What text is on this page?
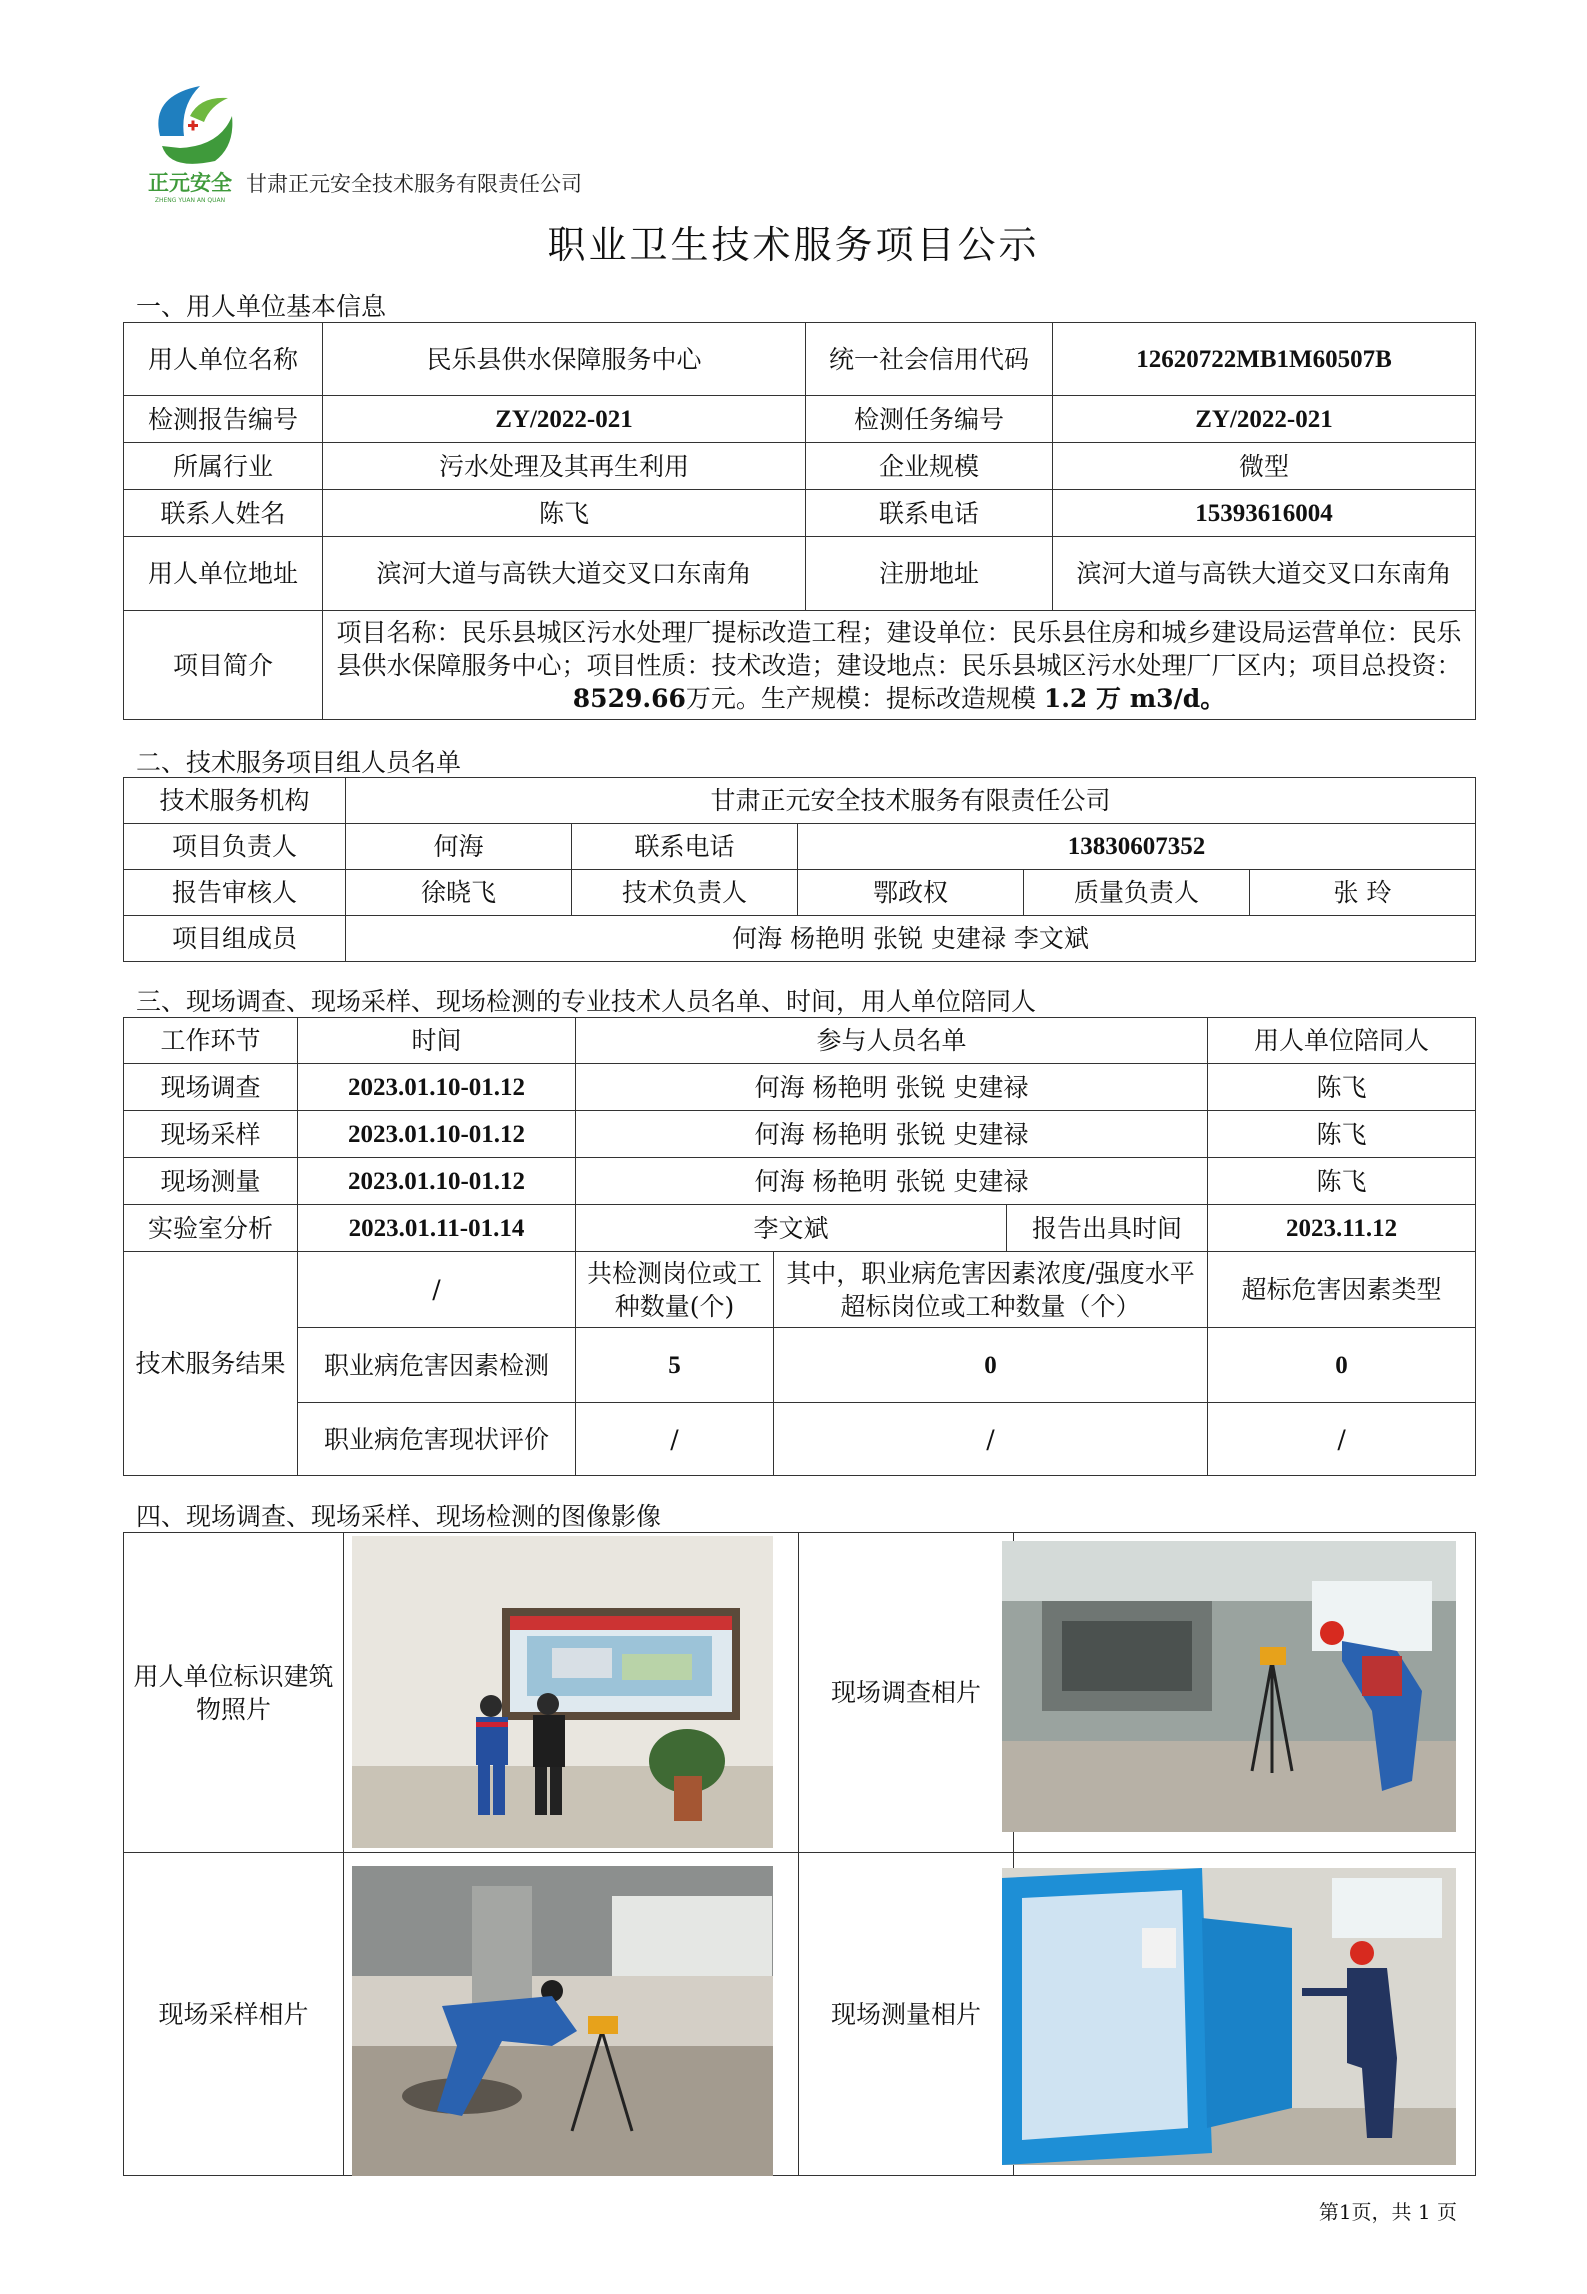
正元安全
ZHENG YUAN AN QUAN
甘肃正元安全技术服务有限责任公司
职业卫生技术服务项目公示
一、用人单位基本信息
用人单位名称	民乐县供水保障服务中心	统一社会信用代码	12620722MB1M60507B
检测报告编号	ZY/2022-021	检测任务编号	ZY/2022-021
所属行业	污水处理及其再生利用	企业规模	微型
联系人姓名	陈飞	联系电话	15393616004
用人单位地址	滨河大道与高铁大道交叉口东南角	注册地址	滨河大道与高铁大道交叉口东南角
项目简介	项目名称：民乐县城区污水处理厂提标改造工程；建设单位：民乐县住房和城乡建设局运营单位：民乐县供水保障服务中心；项目性质：技术改造；建设地点：民乐县城区污水处理厂厂区内；项目总投资：8529.66万元。生产规模：提标改造规模 1.2 万 m3/d。		
二、技术服务项目组人员名单
技术服务机构	甘肃正元安全技术服务有限责任公司				
项目负责人	何海	联系电话	13830607352		
报告审核人	徐晓飞	技术负责人	鄂政权	质量负责人	张 玲
项目组成员	何海 杨艳明 张锐 史建禄 李文斌				
三、现场调查、现场采样、现场检测的专业技术人员名单、时间，用人单位陪同人
工作环节	时间	参与人员名单			用人单位陪同人
现场调查	2023.01.10-01.12	何海 杨艳明 张锐 史建禄			陈飞
现场采样	2023.01.10-01.12	何海 杨艳明 张锐 史建禄			陈飞
现场测量	2023.01.10-01.12	何海 杨艳明 张锐 史建禄			陈飞
实验室分析	2023.01.11-01.14	李文斌		报告出具时间	2023.11.12
技术服务结果	/	共检测岗位或工种数量(个)	其中，职业病危害因素浓度/强度水平超标岗位或工种数量（个）		超标危害因素类型
	职业病危害因素检测	5	0		0
	职业病危害现状评价	/	/		/
四、现场调查、现场采样、现场检测的图像影像
用人单位标识建筑物照片		现场调查相片	
现场采样相片		现场测量相片	
第1页，共 1 页
